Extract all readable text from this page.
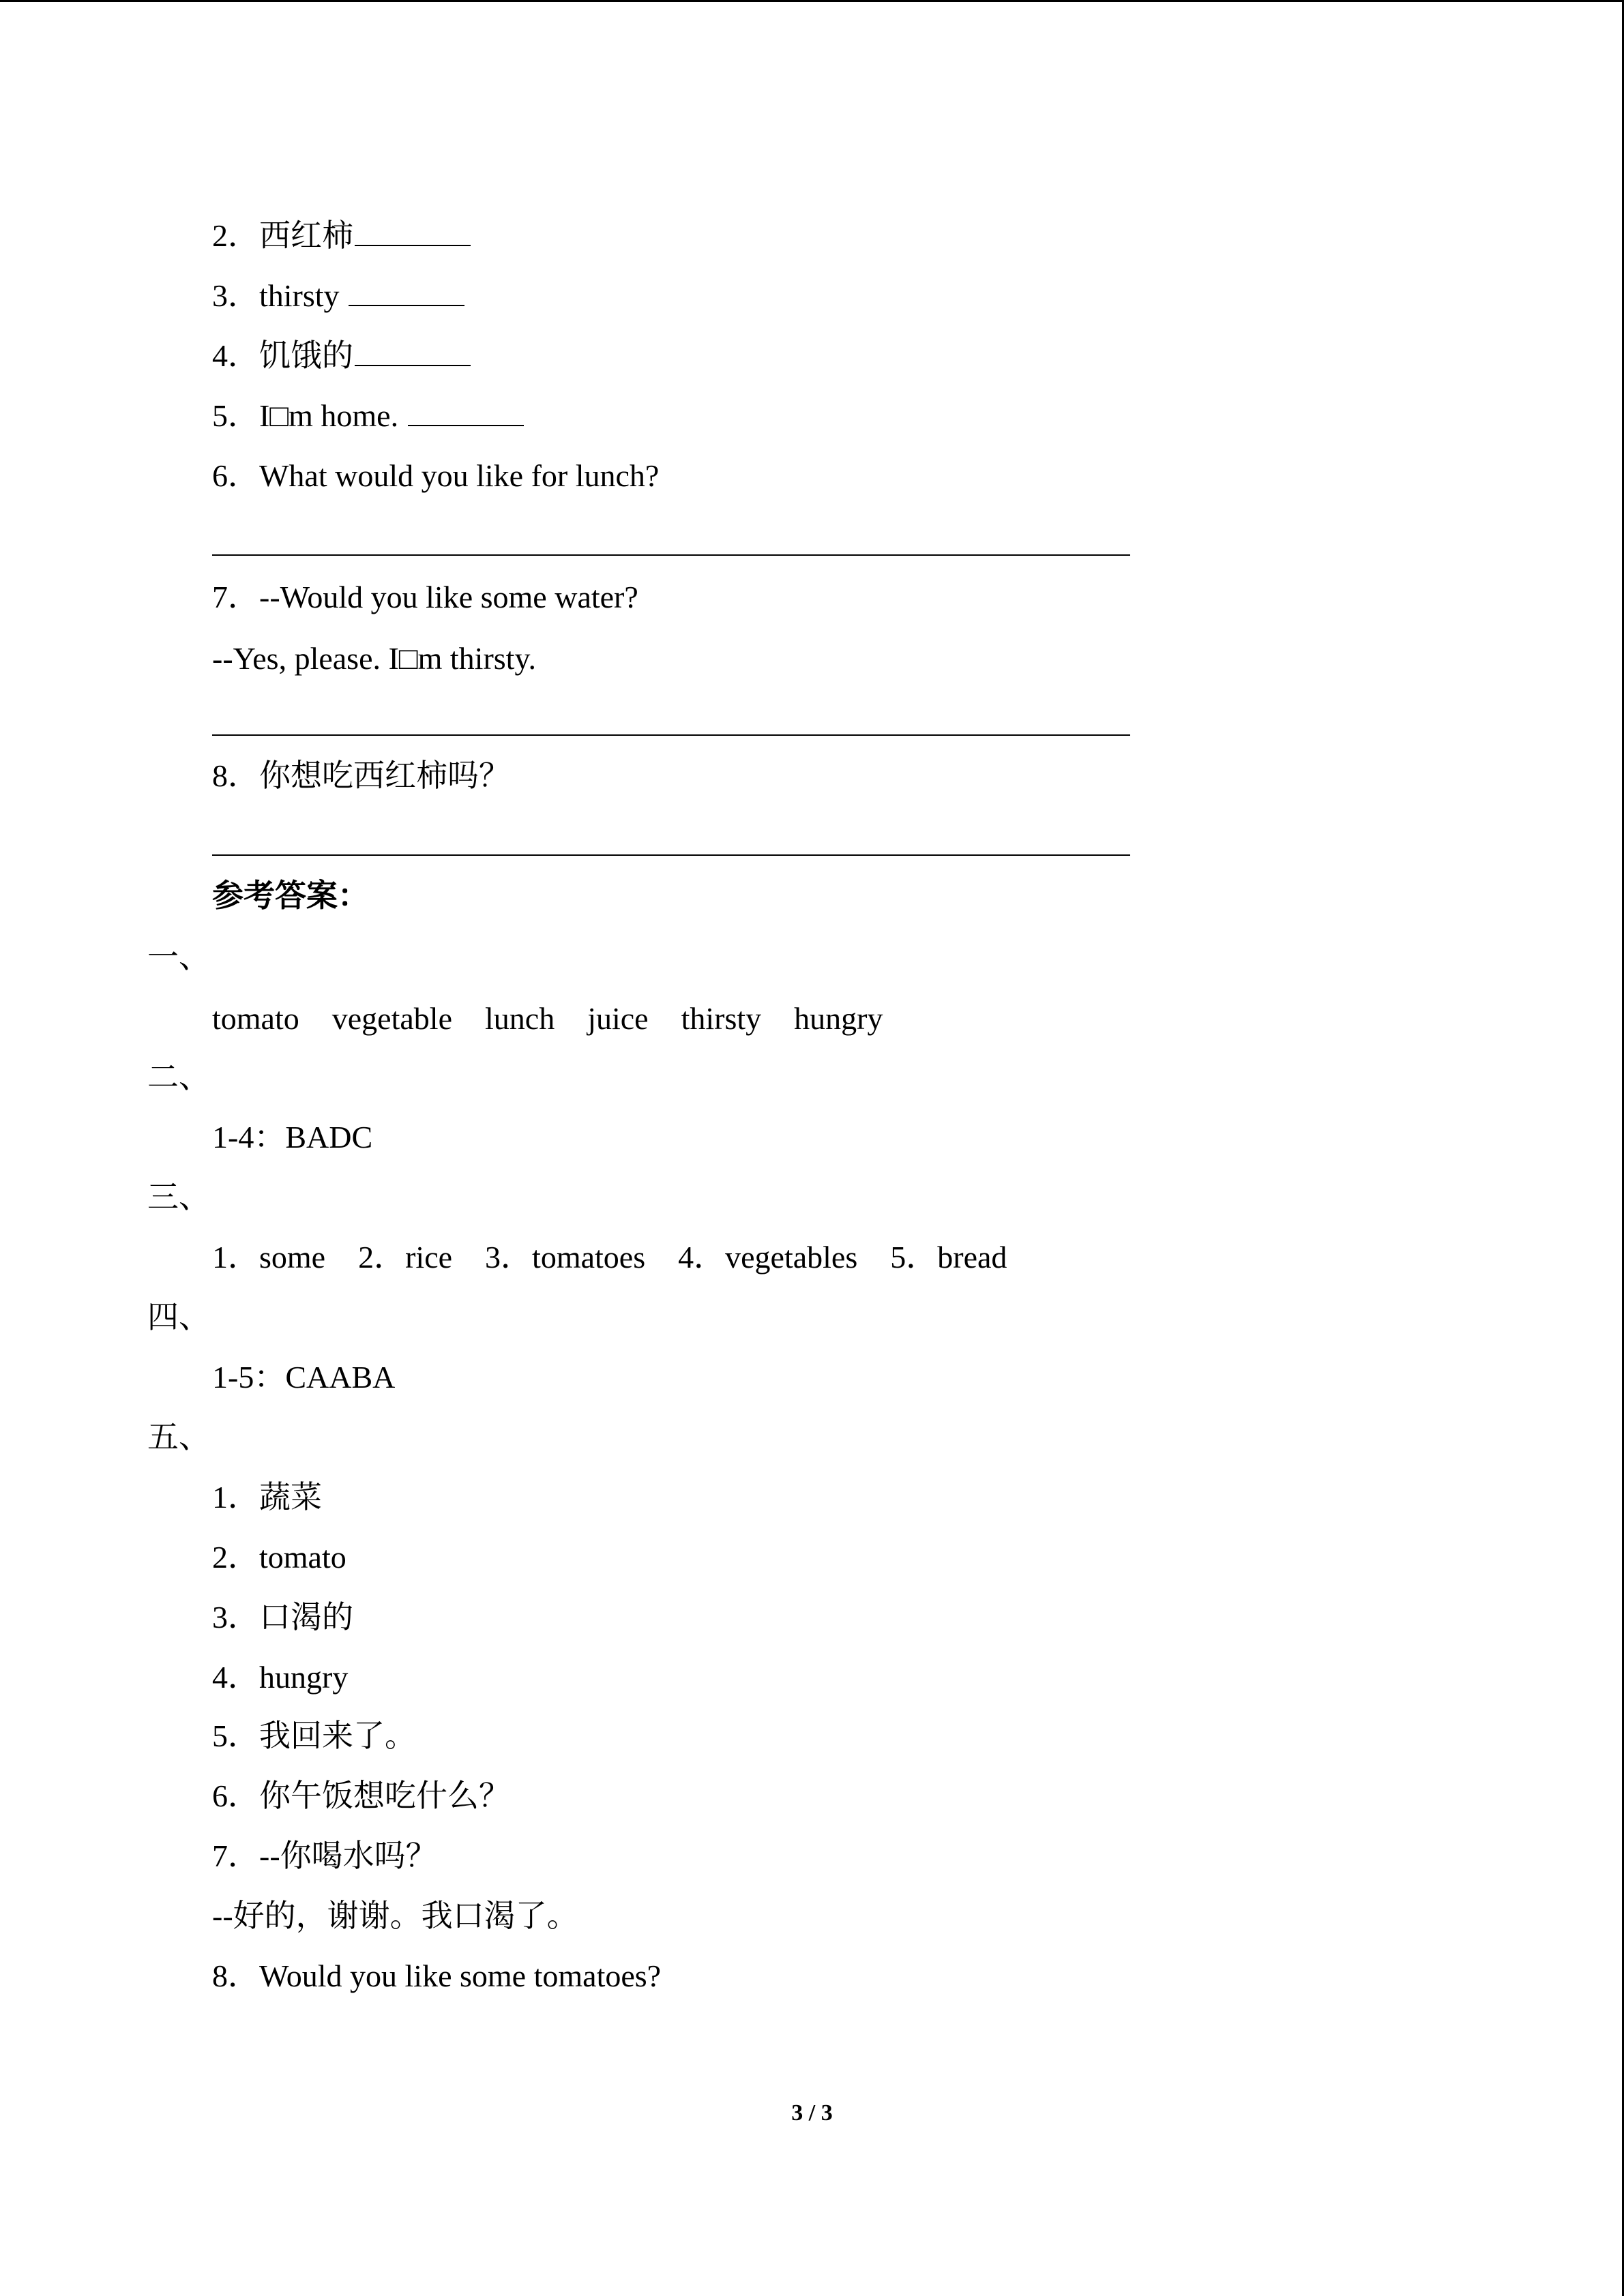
2．西红柿
3．thirsty
4．饥饿的
5．I□m home.
6．What would you like for lunch?
7．--Would you like some water?
--Yes, please. I□m thirsty.
8．你想吃西红柿吗？
参考答案：
一、
tomato vegetable lunch juice thirsty hungry
二、
1-4：BADC
三、
1．some 2．rice 3．tomatoes 4．vegetables 5．bread
四、
1-5：CAABA
五、
1．蔬菜
2．tomato
3．口渴的
4．hungry
5．我回来了。
6．你午饭想吃什么？
7．--你喝水吗？
--好的，谢谢。我口渴了。
8．Would you like some tomatoes?
3 / 3
